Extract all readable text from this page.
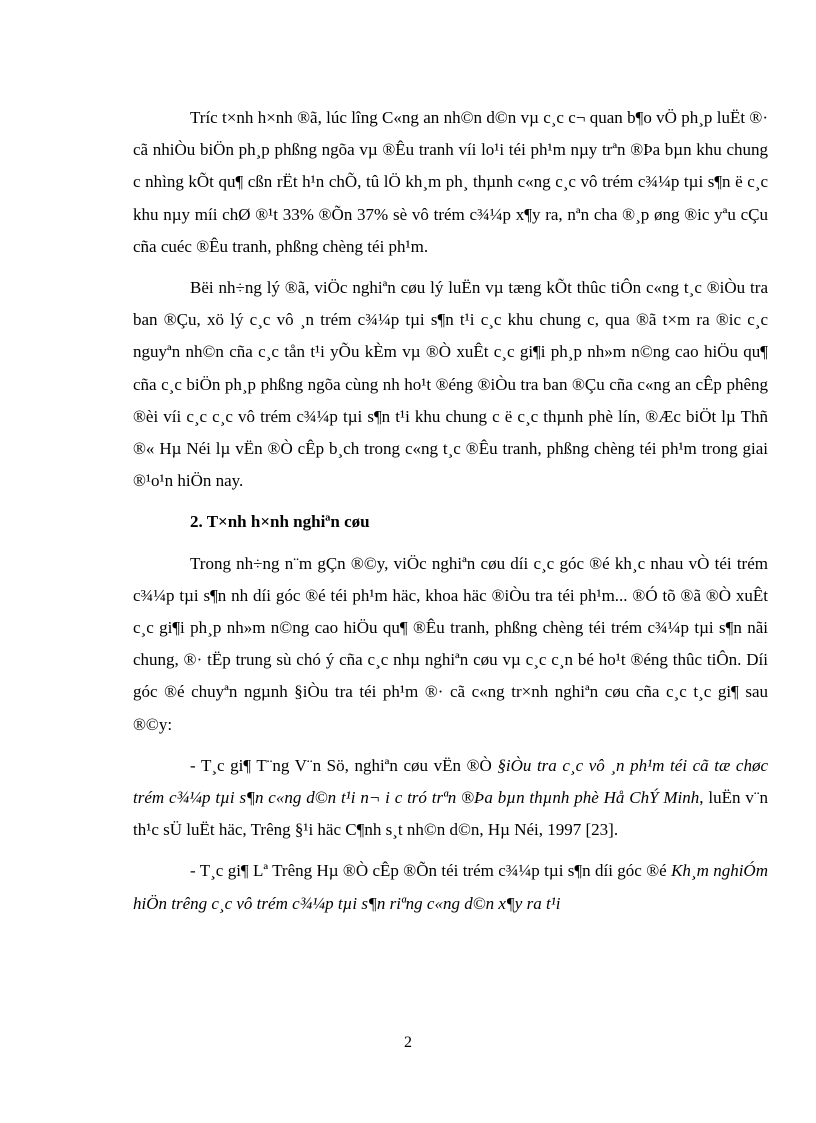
Tríc t×nh h×nh ®ã, lúc lîng C«ng an nh©n d©n vµ c¸c c¬ quan b¶o vÖ ph¸p luËt ®· cã nhiÒu biÖn ph¸p phßng ngõa vµ ®Êu tranh víi lo¹i téi ph¹m nµy trªn ®Þa bµn khu chung c nhìng kÕt qu¶ cßn rËt h¹n chÕ, tû lÖ kh¸m ph¸ thµnh c«ng c¸c vô trém c¾¼p tµi s¶n ë c¸c khu nµy míi chØ ®¹t 33% ®Õn 37% sè vô trém c¾¼p x¶y ra, nªn cha ®¸p øng ®ic yªu cÇu cña cuéc ®Êu tranh, phßng chèng téi ph¹m.

Bëi nh÷ng lý ®ã, viÖc nghiªn cøu lý luËn vµ tæng kÕt thûc tiÔn c«ng t¸c ®iÒu tra ban ®Çu, xö lý c¸c vô ¸n trém c¾¼p tµi s¶n t¹i c¸c khu chung c, qua ®ã t×m ra ®ic c¸c nguyªn nh©n cña c¸c tån t¹i yÕu kÈm vµ ®Ò xuÊt c¸c gi¶i ph¸p nh»m n©ng cao hiÖu qu¶ cña c¸c biÖn ph¸p phßng ngõa cùng nh ho¹t ®éng ®iÒu tra ban ®Çu cña c«ng an cÊp phêng ®èi víi c¸c c¸c vô trém c¾¼p tµi s¶n t¹i khu chung c ë c¸c thµnh phè lín, ®Æc biÖt lµ Thñ ®« Hµ Néi lµ vËn ®Ò cÊp b¸ch trong c«ng t¸c ®Êu tranh, phßng chèng téi ph¹m trong giai ®¹o¹n hiÖn nay.

2. T×nh h×nh nghiªn cøu

Trong nh÷ng n¨m gÇn ®©y, viÖc nghiªn cøu díi c¸c góc ®é kh¸c nhau vÒ téi trém c¾¼p tµi s¶n nh díi góc ®é téi ph¹m häc, khoa häc ®iÒu tra téi ph¹m... ®Ó tõ ®ã ®Ò xuÊt c¸c gi¶i ph¸p nh»m n©ng cao hiÖu qu¶ ®Êu tranh, phßng chèng téi trém c¾¼p tµi s¶n nãi chung, ®· tËp trung sù chó ý cña c¸c nhµ nghiªn cøu vµ c¸c c¸n bé ho¹t ®éng thûc tiÔn. Díi góc ®é chuyªn ngµnh §iÒu tra téi ph¹m ®· cã c«ng tr×nh nghiªn cøu cña c¸c t¸c gi¶ sau ®©y:

- T¸c gi¶ T¨ng V¨n Sö, nghiªn cøu vËn ®Ò §iÒu tra c¸c vô ¸n ph¹m téi cã tæ chøc trém c¾¼p tµi s¶n c«ng d©n t¹i n¬ i c tró trªn ®Þa bµn thµnh phè Hå ChÝ Minh, luËn v¨n th¹c sÜ luËt häc, Trêng §¹i häc C¶nh s¸t nh©n d©n, Hµ Néi, 1997 [23].

- T¸c gi¶ Lª Trêng Hµ ®Ò cÊp ®Õn téi trém c¾¼p tµi s¶n díi góc ®é Kh¸m nghiÓm hiÖn trêng c¸c vô trém c¾¼p tµi s¶n riªng c«ng d©n x¶y ra t¹i

2
